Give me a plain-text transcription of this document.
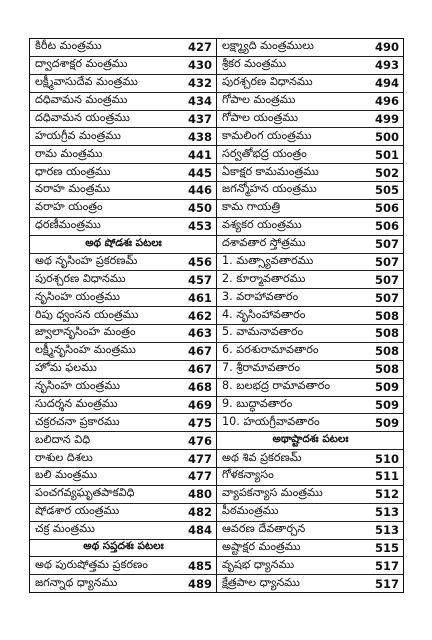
కిరీట మంత్రము	427
ద్వాదశాక్షర మంత్రము	430
లక్ష్మీవాసుదేవ మంత్రము	432
దధివామన మంత్రము	434
దధివామన యంత్రము	437
హయగ్రీవ మంత్రము	438
రామ మంత్రము	441
ధారణ యంత్రము	445
వరాహ మంత్రము	446
వరాహ యంత్రం	450
ధరణీమంత్రము	453
అథ షోడశః పటలః
అథ నృసింహ ప్రకరణమ్	456
పురశ్చరణ విధానము	457
నృసింహ యంత్రము	461
రిపు ధ్వంసన యంత్రము	462
జ్వాలానృసింహ మంత్రం	463
లక్ష్మీనృసింహ మంత్రము	467
హోమ ఫలము	467
నృసింహ యంత్రము	468
సుదర్శన మంత్రము	469
చక్రరచనా ప్రకారము	475
బలిదాన విధి	476
రాశుల దిశలు	477
బలి మంత్రము	477
పంచగవ్యఘృతపాకవిధి	480
షోడశార యంత్రము	482
చక్ర మంత్రము	484
అథ సప్తదశః పటలః
అథ పురుషోత్తమ ప్రకరణం	485
జగన్నాథ ధ్యానము	489
లక్ష్మ్యాది మంత్రములు	490
శ్రీకర మంత్రము	493
పురశ్చరణ విధానము	494
గోపాల మంత్రము	496
గోపాల యంత్రము	499
కామలింగ యంత్రము	500
సర్వతోభద్ర యంత్రం	501
ఏకాక్షర కామమంత్రము	502
జగన్మోహన యంత్రము	505
కామ గాయత్రి	506
వశ్యకర యంత్రము	506
దశావతార స్తోత్రము	507
1. మత్స్యావతారము	507
2. కూర్మావతారము	507
3. వరాహావతారం	507
4. నృసింహావతారం	508
5. వామనావతారం	508
6. పరశురామావతారం	508
7. శ్రీరామావతారం	508
8. బలభద్ర రామావతారం	509
9. బుద్ధావతారం	509
10. హయగ్రీవావతారం	509
అథాష్టాదశః పటలః
అథ శివ ప్రకరణమ్	510
గోళకన్యాసం	511
వ్యాపకన్యాస మంత్రము	512
పీఠమంత్రము	513
ఆవరణ దేవతార్చన	513
అష్టాక్షర మంత్రము	515
వృషభ ధ్యానము	517
క్షేత్రపాల ధ్యానము	517
